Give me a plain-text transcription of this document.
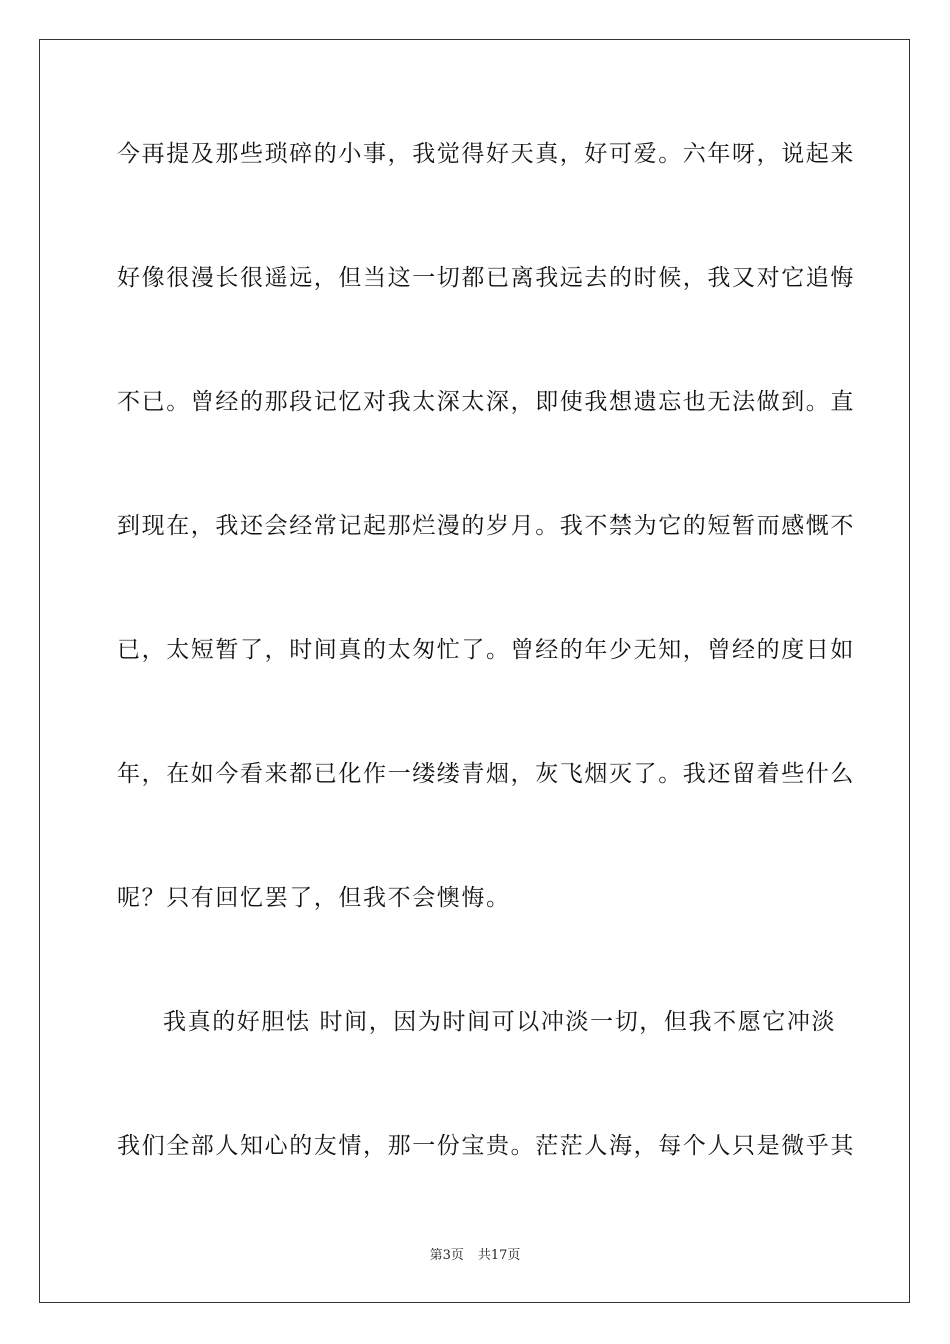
今再提及那些琐碎的小事，我觉得好天真，好可爱。六年呀，说起来
好像很漫长很遥远，但当这一切都已离我远去的时候，我又对它追悔
不已。曾经的那段记忆对我太深太深，即使我想遗忘也无法做到。直
到现在，我还会经常记起那烂漫的岁月。我不禁为它的短暂而感慨不
已，太短暂了，时间真的太匆忙了。曾经的年少无知，曾经的度日如
年，在如今看来都已化作一缕缕青烟，灰飞烟灭了。我还留着些什么
呢？只有回忆罢了，但我不会懊悔。
我真的好胆怯 时间，因为时间可以冲淡一切，但我不愿它冲淡
我们全部人知心的友情，那一份宝贵。茫茫人海，每个人只是微乎其
第3页 共17页
